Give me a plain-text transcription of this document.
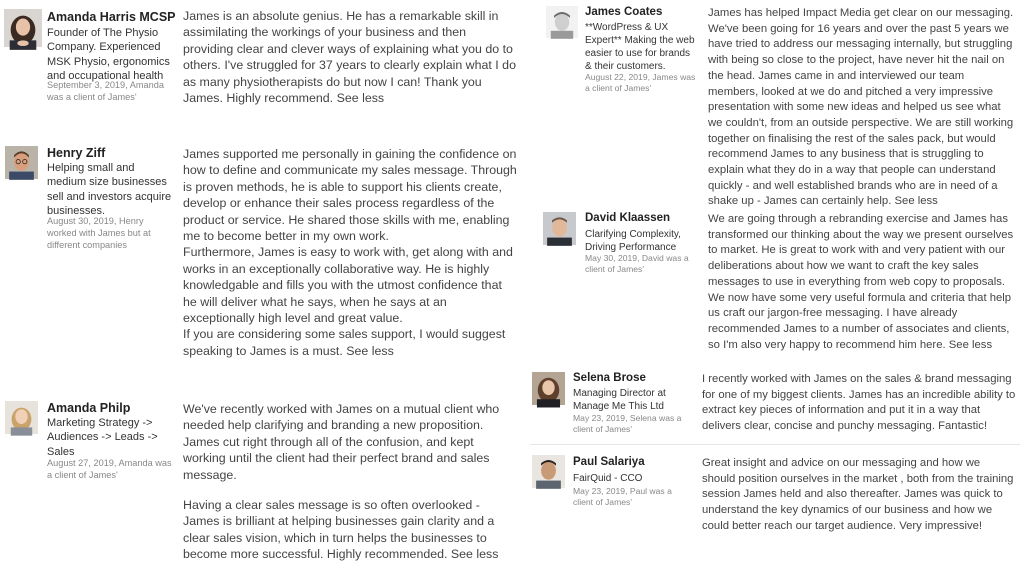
Amanda Harris MCSP
Founder of The Physio Company. Experienced MSK Physio, ergonomics and occupational health
September 3, 2019, Amanda was a client of James'

James is an absolute genius. He has a remarkable skill in assimilating the workings of your business and then providing clear and clever ways of explaining what you do to others. I've struggled for 37 years to clearly explain what I do as many physiotherapists do but now I can! Thank you James. Highly recommend. See less

Henry Ziff
Helping small and medium size businesses sell and investors acquire businesses.
August 30, 2019, Henry worked with James but at different companies

James supported me personally in gaining the confidence on how to define and communicate my sales message. Through is proven methods, he is able to support his clients create, develop or enhance their sales process regardless of the product or service. He shared those skills with me, enabling me to become better in my own work.

Furthermore, James is easy to work with, get along with and works in an exceptionally collaborative way. He is highly knowledgable and fills you with the utmost confidence that he will deliver what he says, when he says at an exceptionally high level and great value.

If you are considering some sales support, I would suggest speaking to James is a must. See less

Amanda Philp
Marketing Strategy -> Audiences -> Leads -> Sales
August 27, 2019, Amanda was a client of James'

We've recently worked with James on a mutual client who needed help clarifying and branding a new proposition. James cut right through all of the confusion, and kept working until the client had their perfect brand and sales message.

Having a clear sales message is so often overlooked - James is brilliant at helping businesses gain clarity and a clear sales vision, which in turn helps the businesses to become more successful. Highly recommended. See less

James Coates
**WordPress & UX Expert** Making the web easier to use for brands & their customers.
August 22, 2019, James was a client of James'

James has helped Impact Media get clear on our messaging. We've been going for 16 years and over the past 5 years we have tried to address our messaging internally, but struggling with being so close to the project, have never hit the nail on the head. James came in and interviewed our team members, looked at we do and pitched a very impressive presentation with some new ideas and helped us see what we couldn't, from an outside perspective. We are still working together on finalising the rest of the sales pack, but would recommend James to any business that is struggling to explain what they do in a way that people can understand quickly - and well established brands who are in need of a shake up - James can certainly help. See less

David Klaassen
Clarifying Complexity, Driving Performance
May 30, 2019, David was a client of James'

We are going through a rebranding exercise and James has transformed our thinking about the way we present ourselves to market. He is great to work with and very patient with our deliberations about how we want to craft the key sales messages to use in everything from web copy to proposals. We now have some very useful formula and criteria that help us craft our jargon-free messaging. I have already recommended James to a number of associates and clients, so I'm also very happy to recommend him here. See less

Selena Brose
Managing Director at Manage Me This Ltd
May 23, 2019, Selena was a client of James'

I recently worked with James on the sales & brand messaging for one of my biggest clients. James has an incredible ability to extract key pieces of information and put it in a way that delivers clear, concise and punchy messaging. Fantastic!

Paul Salariya
FairQuid - CCO
May 23, 2019, Paul was a client of James'

Great insight and advice on our messaging and how we should position ourselves in the market , both from the training session James held and also thereafter. James was quick to understand the key dynamics of our business and how we could better reach our target audience. Very impressive!
